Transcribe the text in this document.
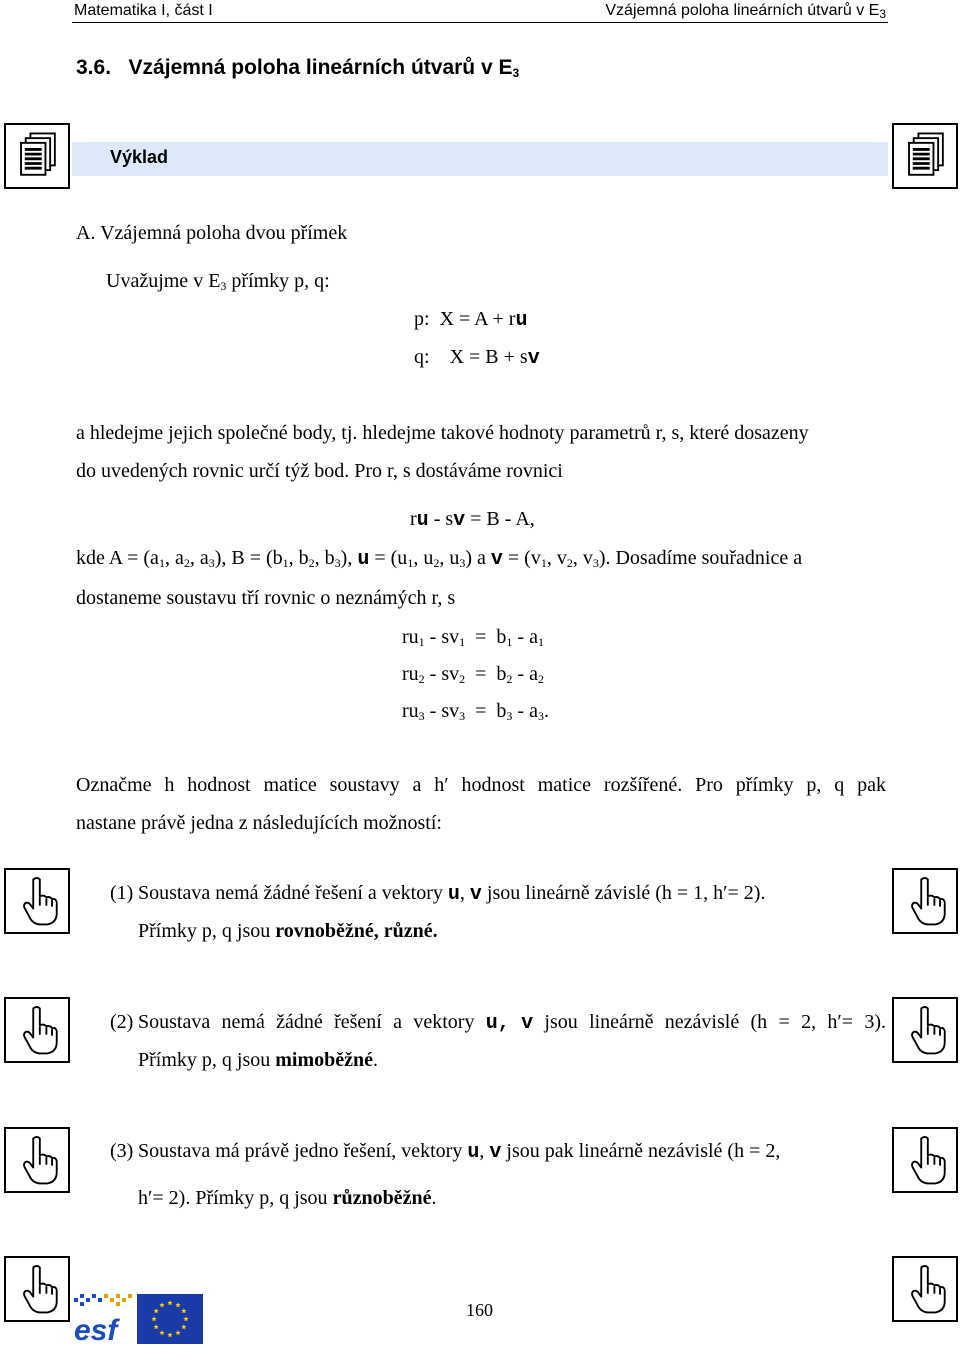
Matematika I, část I	Vzájemná poloha lineárních útvarů v $E_3$
3.6. Vzájemná poloha lineárních útvarů v $E_3$
Výklad
A. Vzájemná poloha dvou přímek
Uvažujme v $E_3$ přímky p, q:
p: X = A + ru
q: X = B + sv
a hledejme jejich společné body, tj. hledejme takové hodnoty parametrů r, s, které dosazeny
do uvedených rovnic určí týž bod. Pro r, s dostáváme rovnici
ru - sv = B - A,
kde $A = (a_1$, $a_2$, $a_3$), $B = (b_1$, $b_2$, $b_3$), $u = (u_1$, $u_2$, $u_3$) a $v = (v_1$, $v_2$, $v_3$). Dosadíme souřadnice a
dostaneme soustavu tří rovnic o neznámých r, s
$ru_1 - sv_1 = b_1 - a_1$
$ru_2 - sv_2 = b_2 - a_2$
$ru_3 - sv_3 = b_3 - a_3$.
Označme h hodnost matice soustavy a h′ hodnost matice rozšířené. Pro přímky p, q pak
nastane právě jedna z následujících možností:
(1) Soustava nemá žádné řešení a vektory u, v jsou lineárně závislé (h = 1, h′= 2).
Přímky p, q jsou rovnoběžné, různé.
(2) Soustava nemá žádné řešení a vektory u, v jsou lineárně nezávislé (h = 2, h′= 3).
Přímky p, q jsou mimoběžné.
(3) Soustava má právě jedno řešení, vektory u, v jsou pak lineárně nezávislé (h = 2,
h′= 2). Přímky p, q jsou různoběžné.
esf
160
